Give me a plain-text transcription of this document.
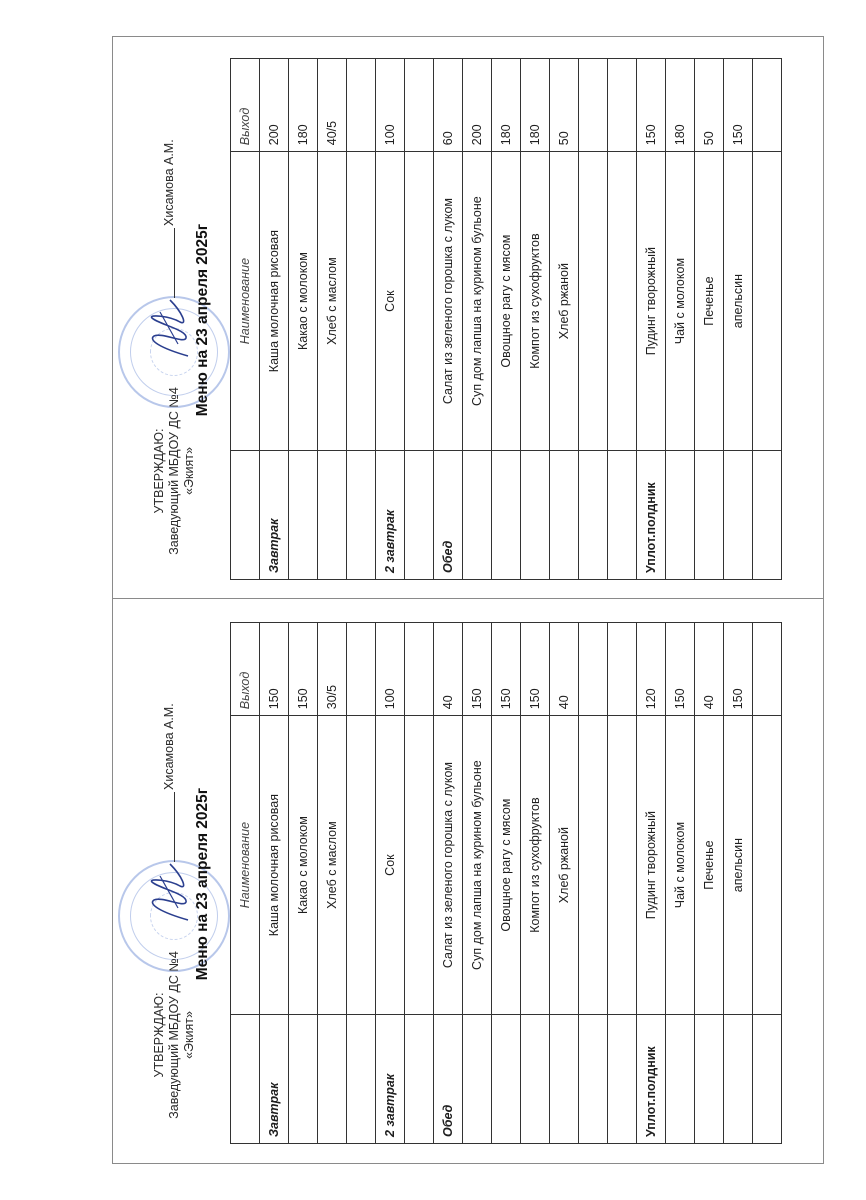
УТВЕРЖДАЮ: Заведующий МБДОУ ДС №4 «Экият»
Хисамова А.М.
Меню на 23 апреля 2025г
	Наименование	Выход
Завтрак	Каша молочная рисовая	150
	Какао с молоком	150
	Хлеб с маслом	30/5

2 завтрак	Сок	100

Обед	Салат из зеленого горошка с луком	40
	Суп дом лапша на курином бульоне	150
	Овощное рагу с мясом	150
	Компот из сухофруктов	150
	Хлеб ржаной	40

Уплот.полдник	Пудинг творожный	120
	Чай с молоком	150
	Печенье	40
	апельсин	150

УТВЕРЖДАЮ: Заведующий МБДОУ ДС №4 «Экият»
Хисамова А.М.
Меню на 23 апреля 2025г
	Наименование	Выход
Завтрак	Каша молочная рисовая	200
	Какао с молоком	180
	Хлеб с маслом	40/5

2 завтрак	Сок	100

Обед	Салат из зеленого горошка с луком	60
	Суп дом лапша на курином бульоне	200
	Овощное рагу с мясом	180
	Компот из сухофруктов	180
	Хлеб ржаной	50

Уплот.полдник	Пудинг творожный	150
	Чай с молоком	180
	Печенье	50
	апельсин	150
